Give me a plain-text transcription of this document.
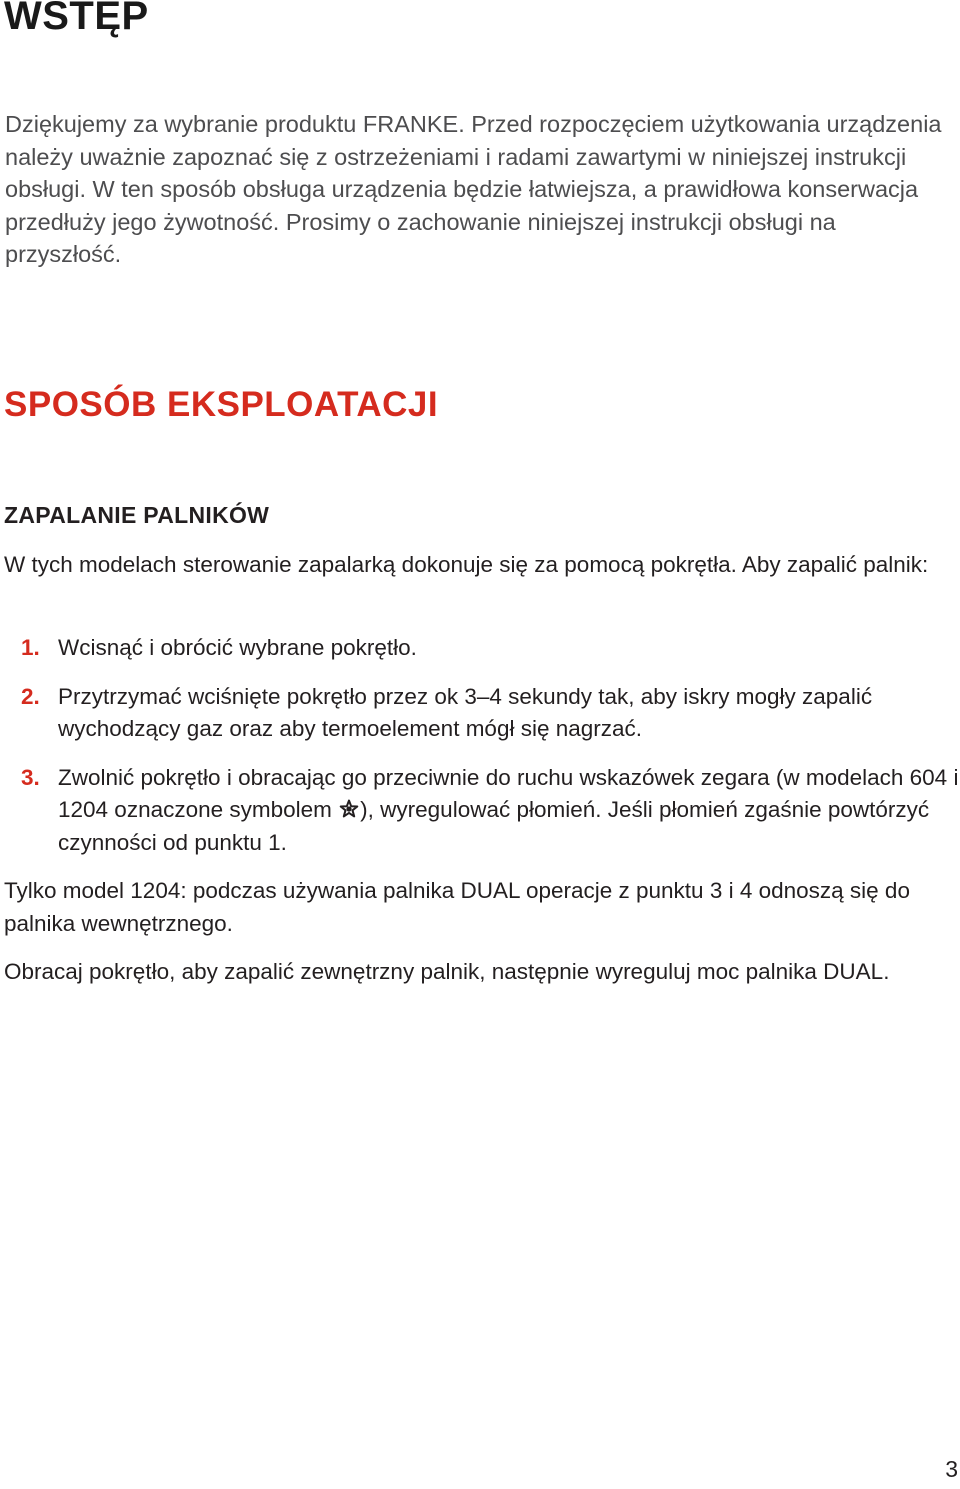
WSTĘP

Dziękujemy za wybranie produktu FRANKE. Przed rozpoczęciem użytkowania urządzenia należy uważnie zapoznać się z ostrzeżeniami i radami zawartymi w niniejszej instrukcji obsługi. W ten sposób obsługa urządzenia będzie łatwiejsza, a prawidłowa konserwacja przedłuży jego żywotność. Prosimy o zachowanie niniejszej instrukcji obsługi na przyszłość.

SPOSÓB EKSPLOATACJI
ZAPALANIE PALNIKÓW

W tych modelach sterowanie zapalarką dokonuje się za pomocą pokrętła. Aby zapalić palnik:

1. Wcisnąć i obrócić wybrane pokrętło.
2. Przytrzymać wciśnięte pokrętło przez ok 3–4 sekundy tak, aby iskry mogły zapalić wychodzący gaz oraz aby termoelement mógł się nagrzać.
3. Zwolnić pokrętło i obracając go przeciwnie do ruchu wskazówek zegara (w modelach 604 i 1204 oznaczone symbolem ), wyregulować płomień. Jeśli płomień zgaśnie powtórzyć czynności od punktu 1.

Tylko model 1204: podczas używania palnika DUAL operacje z punktu 3 i 4 odnoszą się do palnika wewnętrznego.

Obracaj pokrętło, aby zapalić zewnętrzny palnik, następnie wyreguluj moc palnika DUAL.

3
